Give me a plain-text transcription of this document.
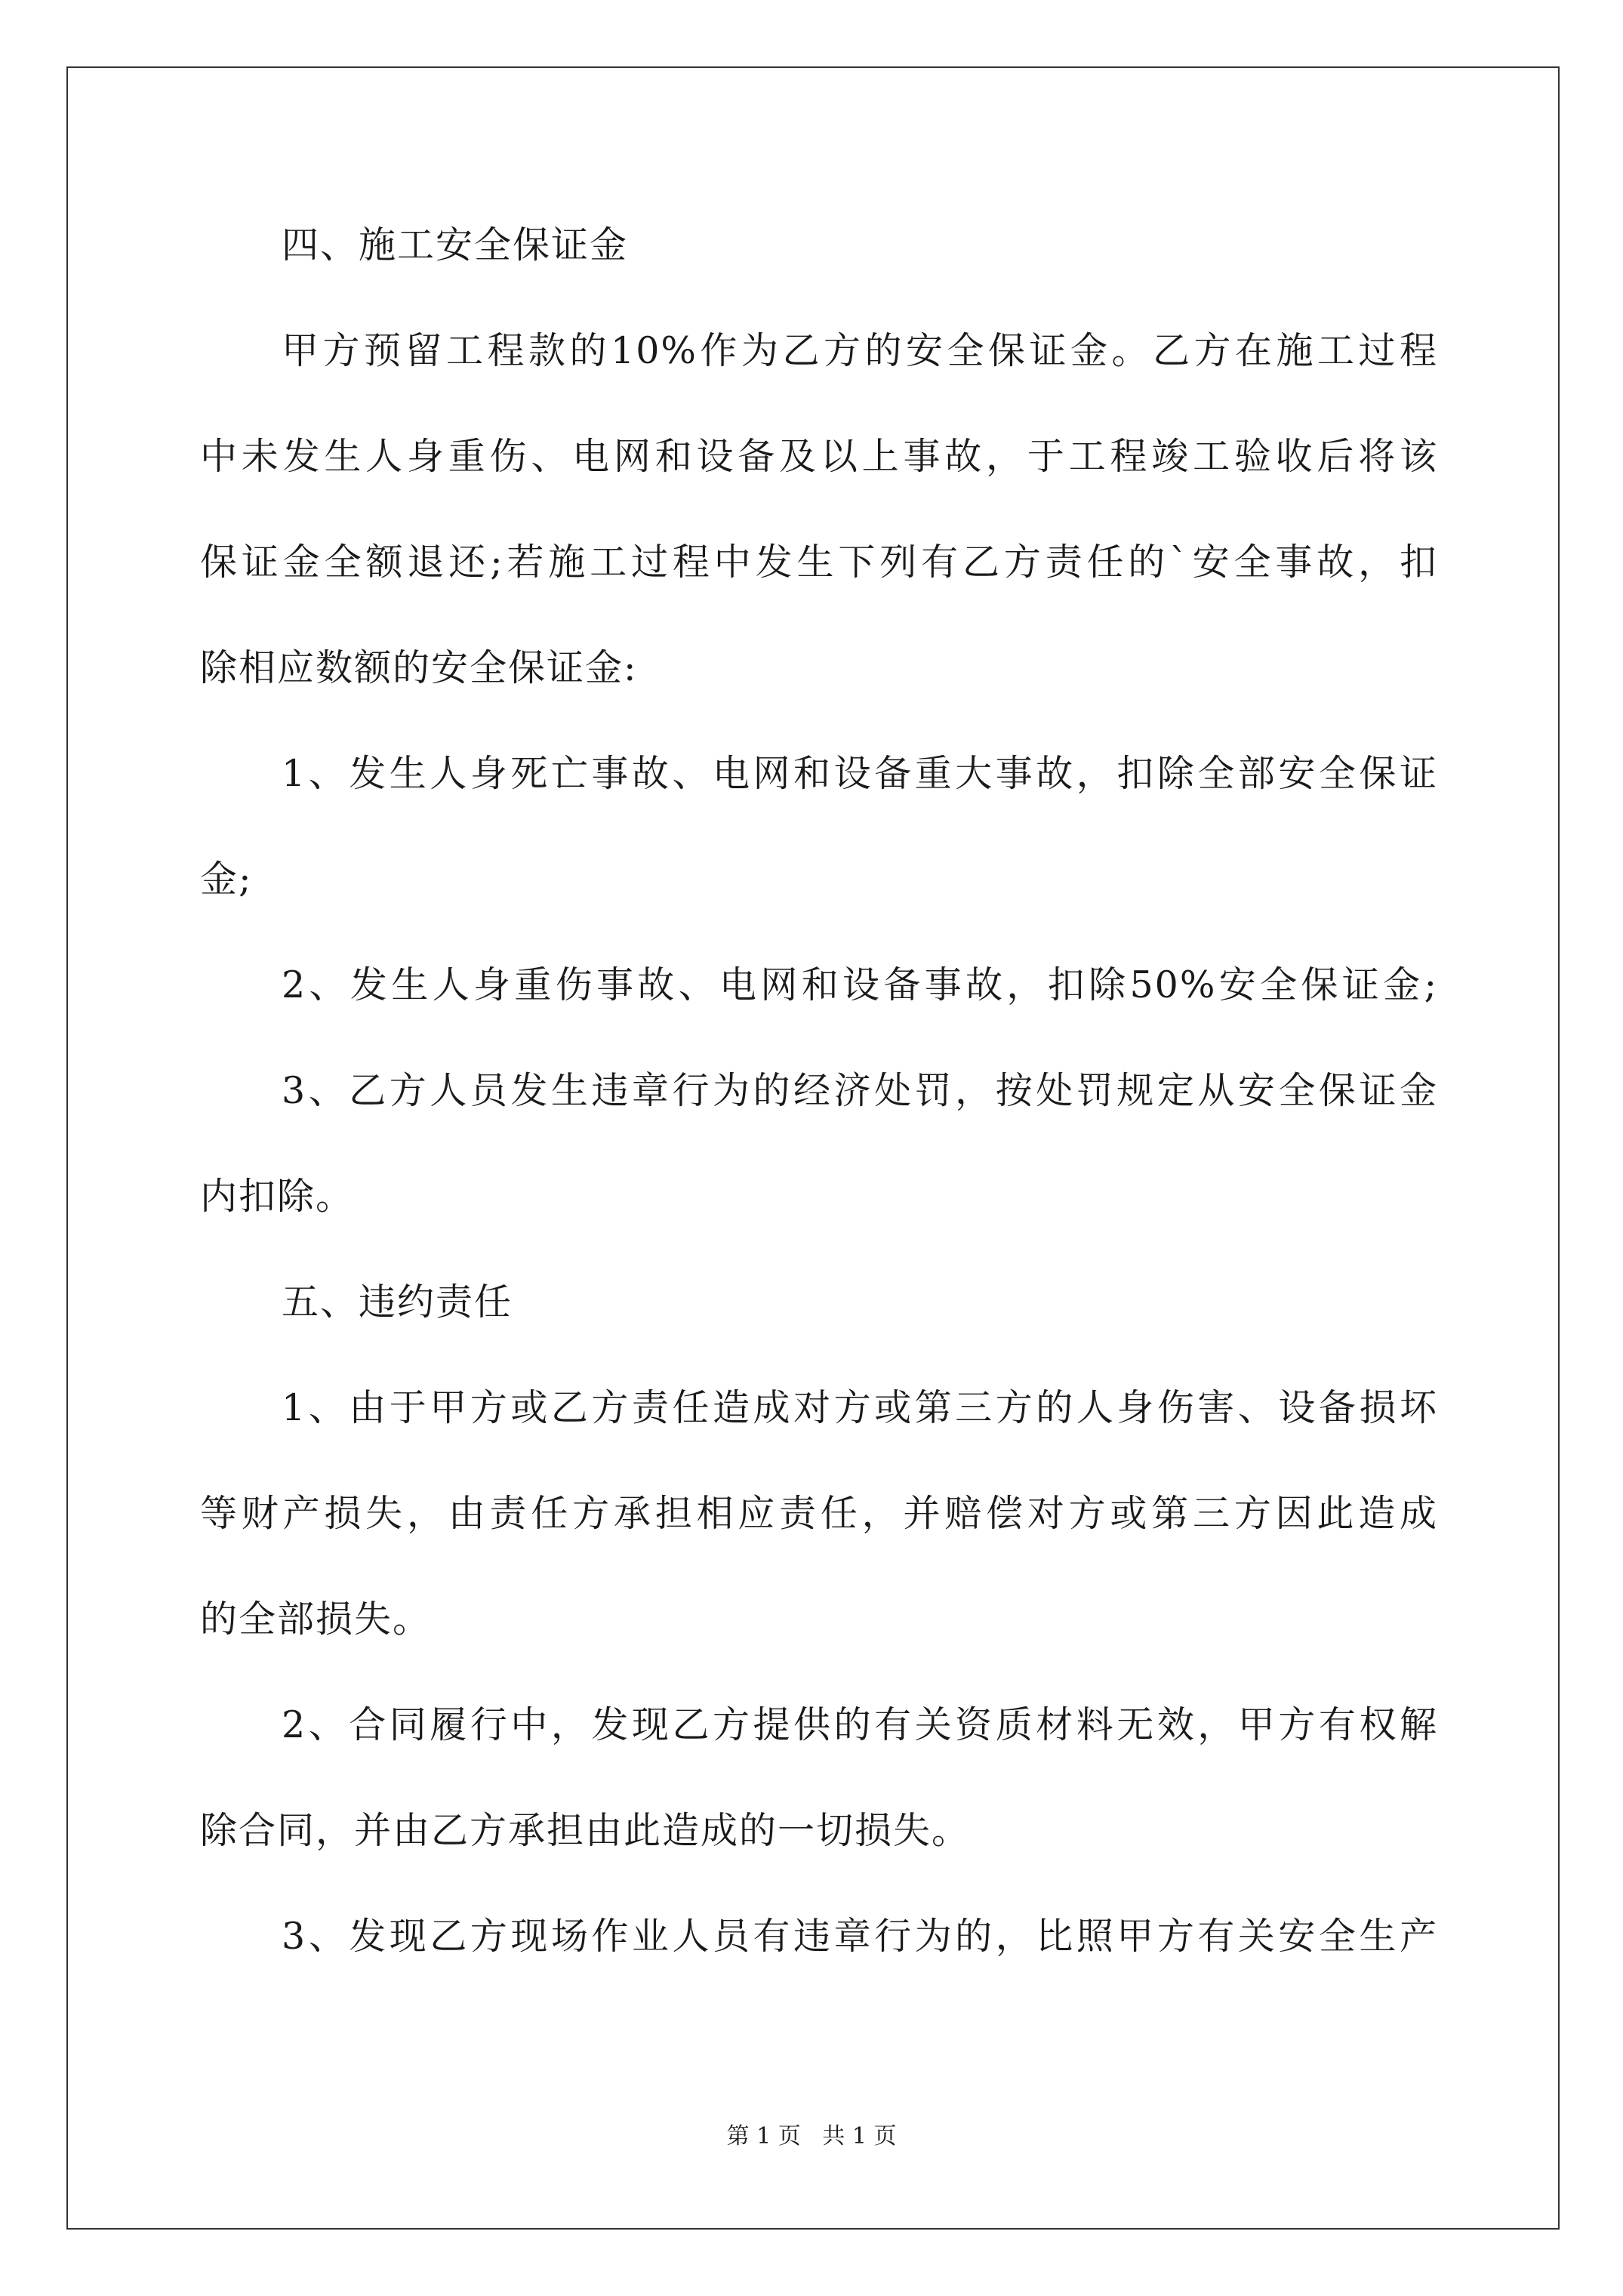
四、施工安全保证金
甲方预留工程款的10%作为乙方的安全保证金。乙方在施工过程
中未发生人身重伤、电网和设备及以上事故，于工程竣工验收后将该
保证金全额退还;若施工过程中发生下列有乙方责任的`安全事故，扣
除相应数额的安全保证金:
1、发生人身死亡事故、电网和设备重大事故，扣除全部安全保证
金;
2、发生人身重伤事故、电网和设备事故，扣除50%安全保证金;
3、乙方人员发生违章行为的经济处罚，按处罚规定从安全保证金
内扣除。
五、违约责任
1、由于甲方或乙方责任造成对方或第三方的人身伤害、设备损坏
等财产损失，由责任方承担相应责任，并赔偿对方或第三方因此造成
的全部损失。
2、合同履行中，发现乙方提供的有关资质材料无效，甲方有权解
除合同，并由乙方承担由此造成的一切损失。
3、发现乙方现场作业人员有违章行为的，比照甲方有关安全生产
第 1 页   共 1 页
